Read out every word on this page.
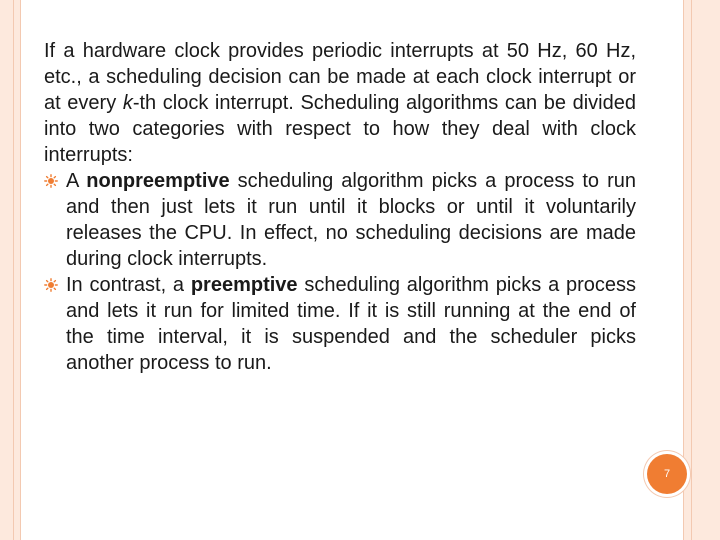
If a hardware clock provides periodic interrupts at 50 Hz, 60 Hz, etc., a scheduling decision can be made at each clock interrupt or at every k-th clock interrupt. Scheduling algorithms can be divided into two categories with respect to how they deal with clock interrupts:

A nonpreemptive scheduling algorithm picks a process to run and then just lets it run until it blocks or until it voluntarily releases the CPU. In effect, no scheduling decisions are made during clock interrupts.
In contrast, a preemptive scheduling algorithm picks a process and lets it run for limited time. If it is still running at the end of the time interval, it is suspended and the scheduler picks another process to run.
7
